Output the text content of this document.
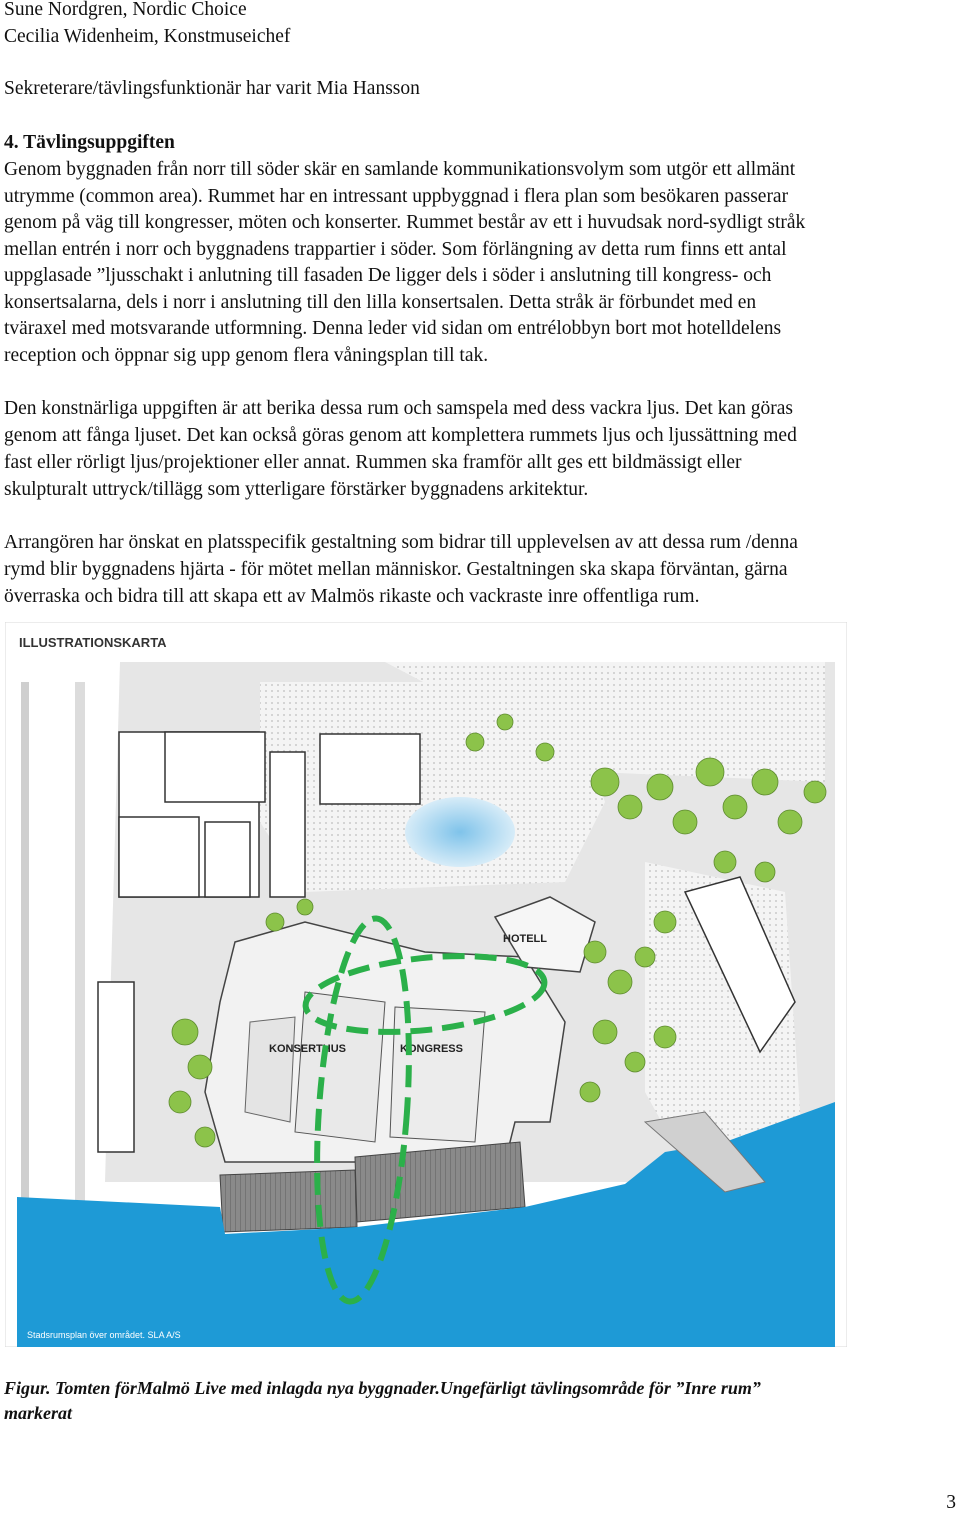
Sune Nordgren, Nordic Choice
Cecilia Widenheim, Konstmuseichef
Sekreterare/tävlingsfunktionär har varit Mia Hansson
4. Tävlingsuppgiften
Genom byggnaden från norr till söder skär en samlande kommunikationsvolym som utgör ett allmänt
utrymme (common area). Rummet har en intressant uppbyggnad i flera plan som besökaren passerar
genom på väg till kongresser, möten och konserter. Rummet består av ett i huvudsak nord-sydligt stråk
mellan entrén i norr och byggnadens trappartier i söder. Som förlängning av detta rum finns ett antal
uppglasade ”ljusschakt i anlutning till fasaden De ligger dels i söder i anslutning till kongress- och
konsertsalarna, dels i norr i anslutning till den lilla konsertsalen. Detta stråk är förbundet med en
tväraxel med motsvarande utformning. Denna leder vid sidan om entrélobbyn bort mot hotelldelens
reception och öppnar sig upp genom flera våningsplan till tak.
Den konstnärliga uppgiften är att berika dessa rum och samspela med dess vackra ljus. Det kan göras
genom att fånga ljuset. Det kan också göras genom att komplettera rummets ljus och ljussättning med
fast eller rörligt ljus/projektioner eller annat. Rummen ska framför allt ges ett bildmässigt eller
skulpturalt uttryck/tillägg som ytterligare förstärker byggnadens arkitektur.
Arrangören har önskat en platsspecifik gestaltning som bidrar till upplevelsen av att dessa rum /denna
rymd blir byggnadens hjärta - för mötet mellan människor. Gestaltningen ska skapa förväntan, gärna
överraska och bidra till att skapa ett av Malmös rikaste och vackraste inre offentliga rum.
ILLUSTRATIONSKARTA
HOTELL
KONSERTHUS	KONGRESS
Stadsrumsplan över området. SLA A/S
Figur. Tomten förMalmö Live med inlagda nya byggnader.Ungefärligt tävlingsområde för ”Inre rum”
markerat
3
